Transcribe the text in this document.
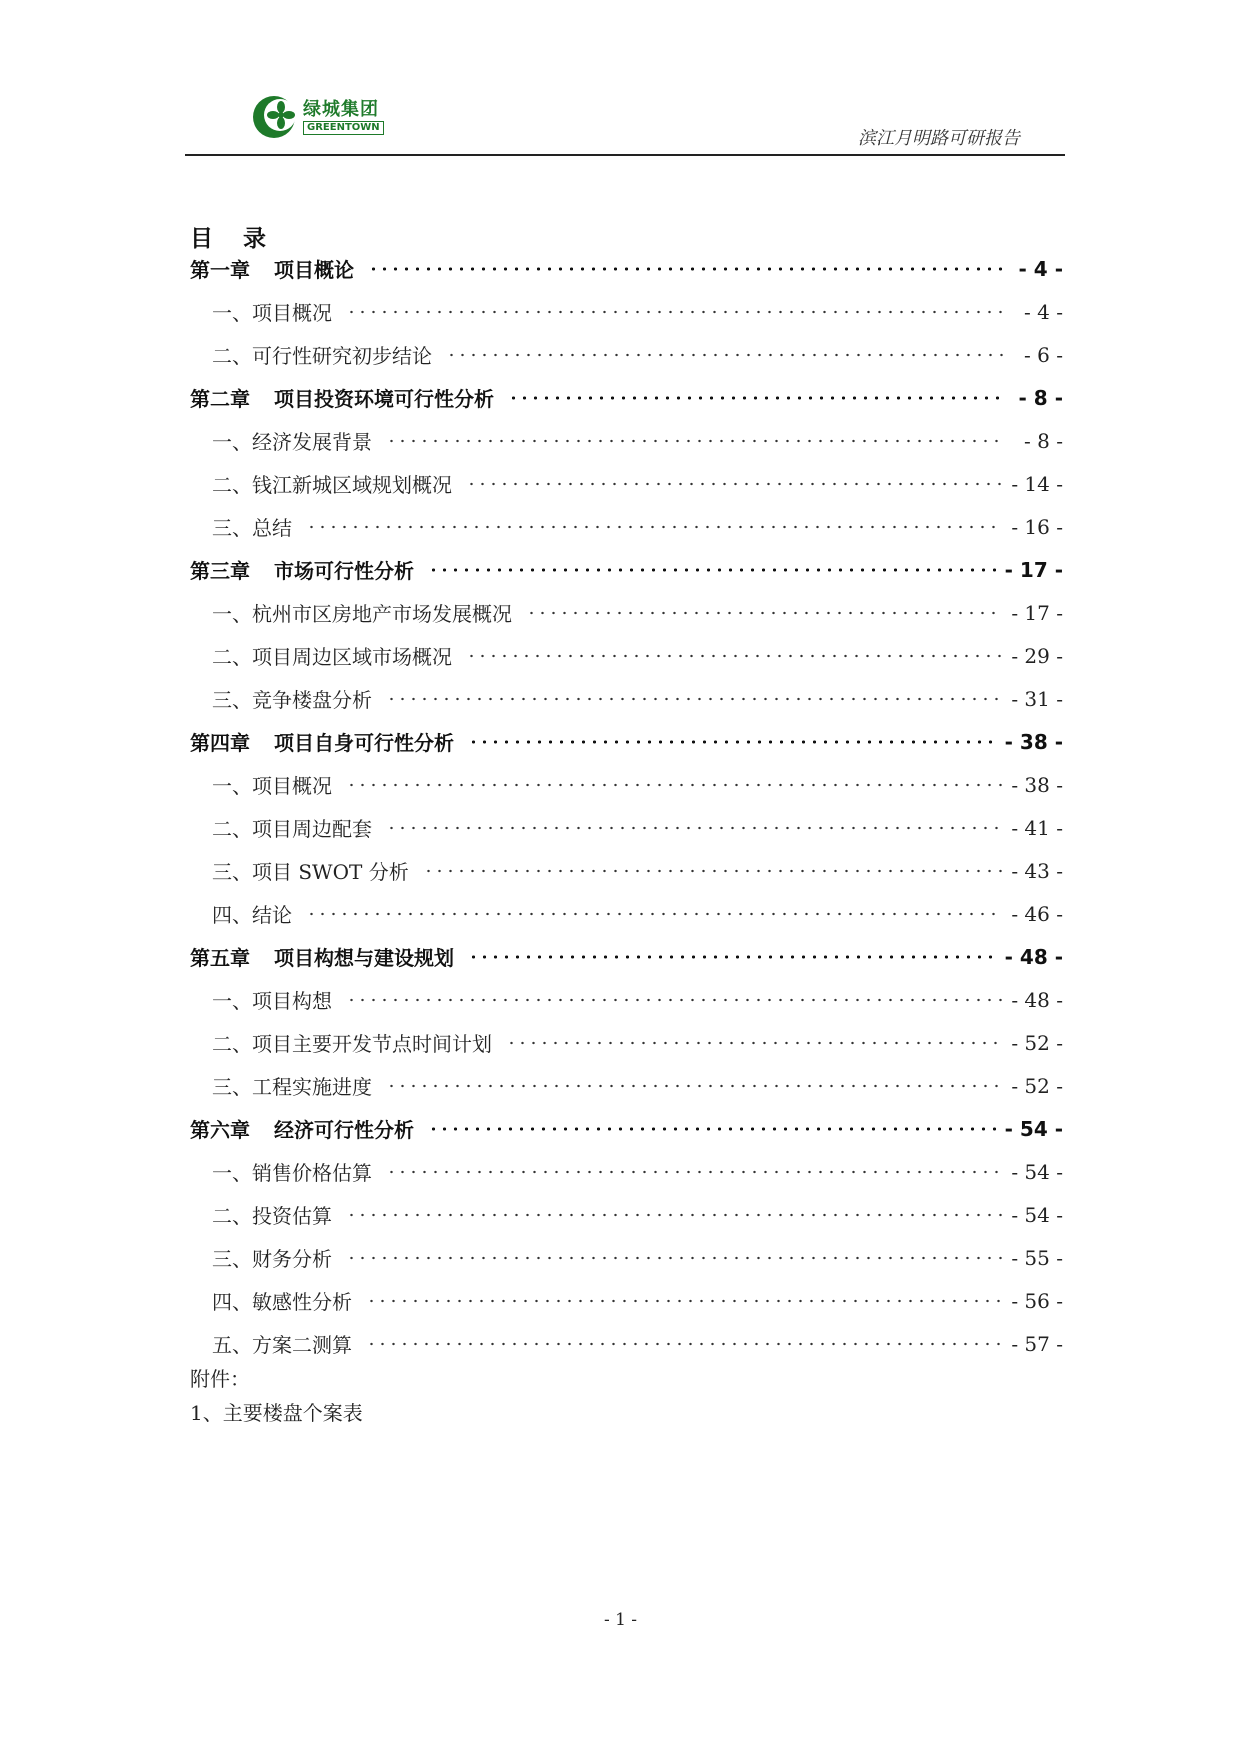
绿城集团
GREENTOWN
滨江月明路可研报告
目录
第一章 项目概论	- 4 -
一、项目概况	- 4 -
二、可行性研究初步结论	- 6 -
第二章 项目投资环境可行性分析	- 8 -
一、经济发展背景	- 8 -
二、钱江新城区域规划概况	- 14 -
三、总结	- 16 -
第三章 市场可行性分析	- 17 -
一、杭州市区房地产市场发展概况	- 17 -
二、项目周边区域市场概况	- 29 -
三、竞争楼盘分析	- 31 -
第四章 项目自身可行性分析	- 38 -
一、项目概况	- 38 -
二、项目周边配套	- 41 -
三、项目 SWOT 分析	- 43 -
四、结论	- 46 -
第五章 项目构想与建设规划	- 48 -
一、项目构想	- 48 -
二、项目主要开发节点时间计划	- 52 -
三、工程实施进度	- 52 -
第六章 经济可行性分析	- 54 -
一、销售价格估算	- 54 -
二、投资估算	- 54 -
三、财务分析	- 55 -
四、敏感性分析	- 56 -
五、方案二测算	- 57 -
附件：
1、主要楼盘个案表
- 1 -
